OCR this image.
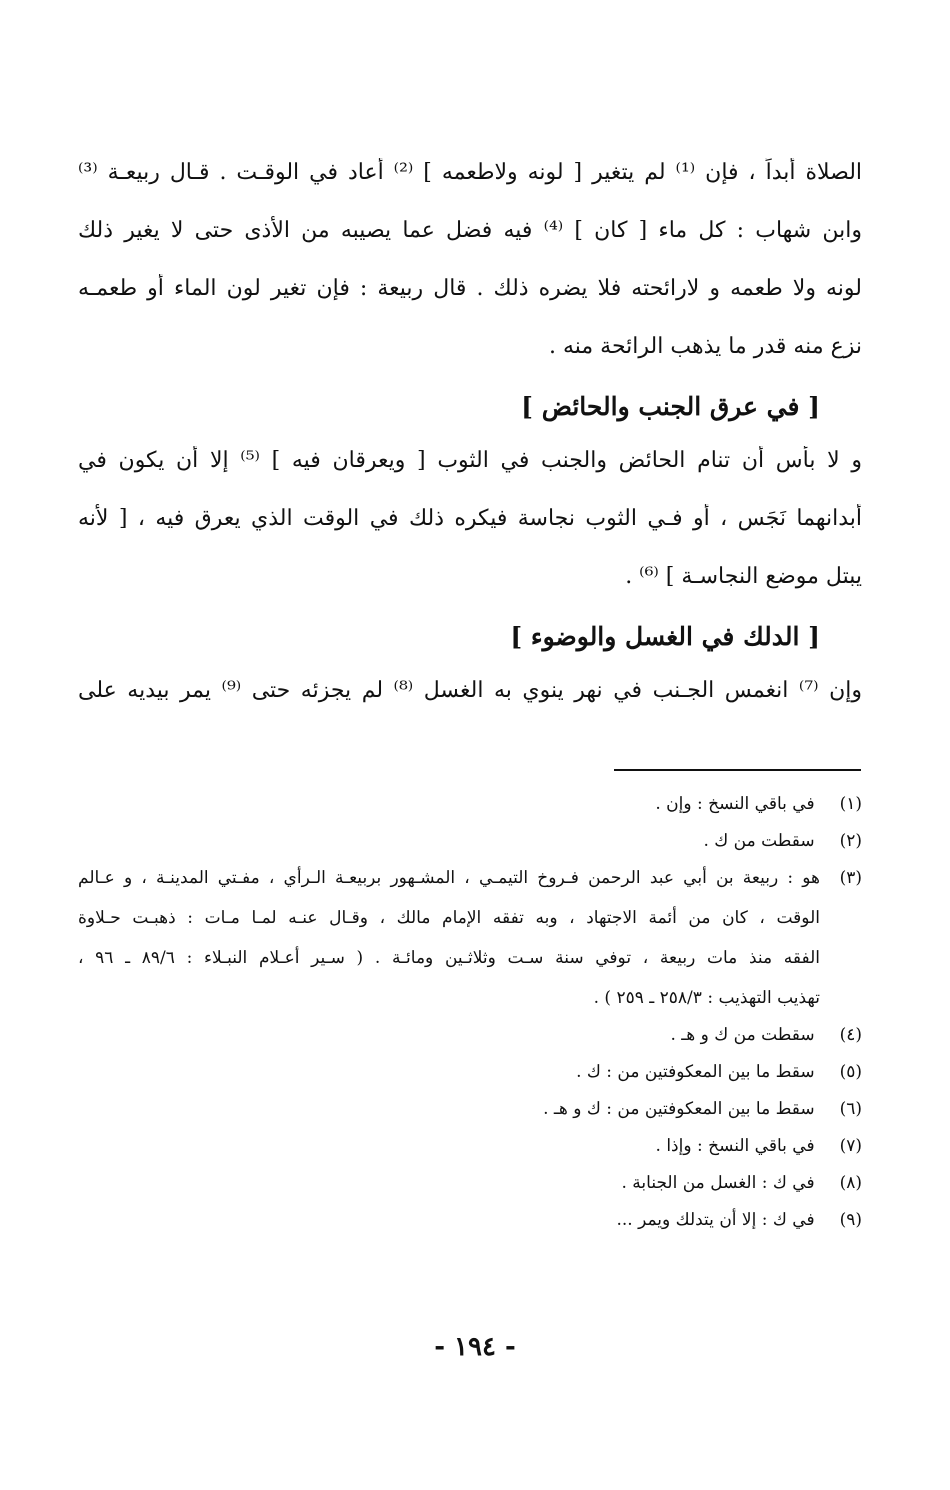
الصلاة أبداً ، فإن ⁽¹⁾ لم يتغير [ لونه ولاطعمه ] ⁽²⁾ أعاد في الوقـت . قـال ربيعـة ⁽³⁾
وابن شهاب : كل ماء [ كان ] ⁽⁴⁾ فيه فضل عما يصيبه من الأذى حتى لا يغير ذلك
لونه ولا طعمه و لارائحته فلا يضره ذلك . قال ربيعة : فإن تغير لون الماء أو طعمـه
نزع منه قدر ما يذهب الرائحة منه .
[ في عرق الجنب والحائض ]
و لا بأس أن تنام الحائض والجنب في الثوب [ ويعرقان فيه ] ⁽⁵⁾ إلا أن يكون في
أبدانهما نَجَس ، أو فـي الثوب نجاسة فيكره ذلك في الوقت الذي يعرق فيه ، [ لأنه
يبتل موضع النجاسـة ] ⁽⁶⁾ .
[ الدلك في الغسل والوضوء ]
وإن ⁽⁷⁾ انغمس الجـنب في نهر ينوي به الغسل ⁽⁸⁾ لم يجزئه حتى ⁽⁹⁾ يمر بيديه على
(١) في باقي النسخ : وإن .
(٢) سقطت من ك .
(٣)هو : ربيعة بن أبي عبد الرحمن فـروخ التيمـي ، المشـهور بربيعـة الـرأي ، مفـتي المدينـة ، و عـالم
الوقت ، كان من أئمة الاجتهاد ، وبه تفقه الإمام مالك ، وقـال عنـه لمـا مـات : ذهبـت حـلاوة
الفقه منذ مات ربيعة ، توفي سنة سـت وثلاثـين ومائـة . ( سـير أعـلام النبـلاء : ٨٩/٦ ـ ٩٦ ،
تهذيب التهذيب : ٢٥٨/٣ ـ ٢٥٩ ) .
(٤) سقطت من ك و هـ .
(٥) سقط ما بين المعكوفتين من : ك .
(٦) سقط ما بين المعكوفتين من : ك و هـ .
(٧) في باقي النسخ : وإذا .
(٨) في ك : الغسل من الجنابة .
(٩) في ك : إلا أن يتدلك ويمر ...
- ١٩٤ -
